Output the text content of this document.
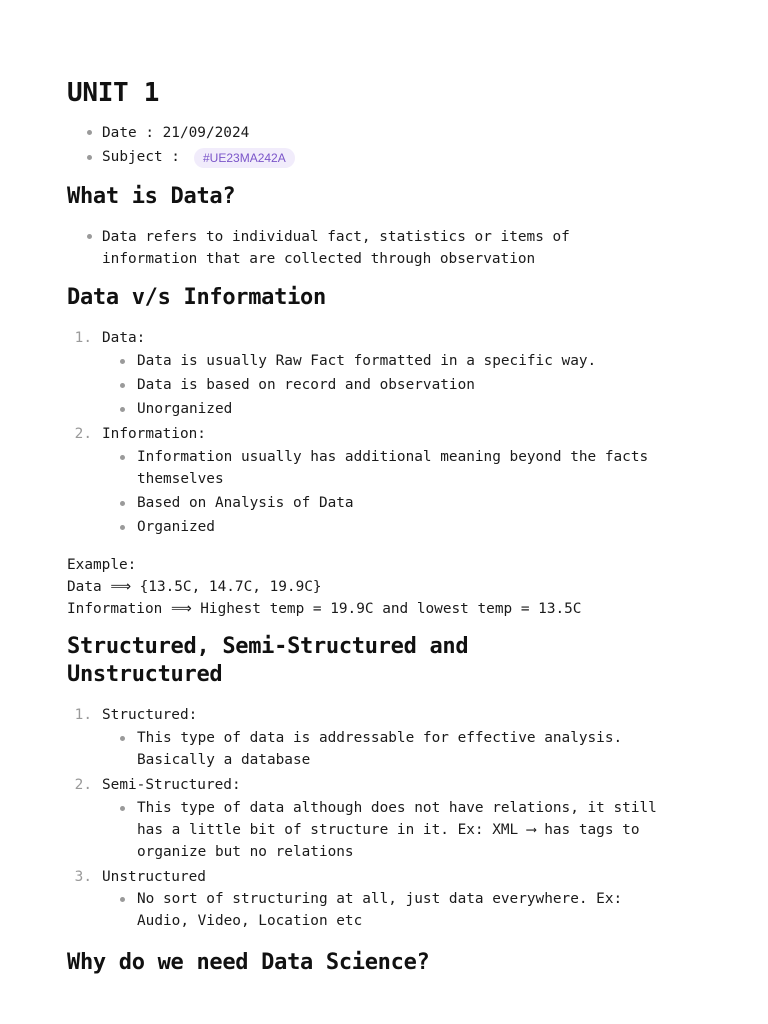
UNIT 1

Date : 21/09/2024

Subject :	#UE23MA242A
What is Data?

Data refers to individual fact, statistics or items of

information that are collected through observation

Data v/s Information
1. Data:

Data is usually Raw Fact formatted in a specific way.

Data is based on record and observation

Unorganized

2. Information:

Information usually has additional meaning beyond the facts

themselves

Based on Analysis of Data

Organized

Example:

Data ⟹ {13.5C, 14.7C, 19.9C}

Information ⟹ Highest temp = 19.9C and lowest temp = 13.5C

Structured, Semi-Structured and
Unstructured
1. Structured:

This type of data is addressable for effective analysis.

Basically a database

2. Semi-Structured:

This type of data although does not have relations, it still

has a little bit of structure in it. Ex: XML ⟶ has tags to

organize but no relations

3. Unstructured

No sort of structuring at all, just data everywhere. Ex:

Audio, Video, Location etc

Why do we need Data Science?
